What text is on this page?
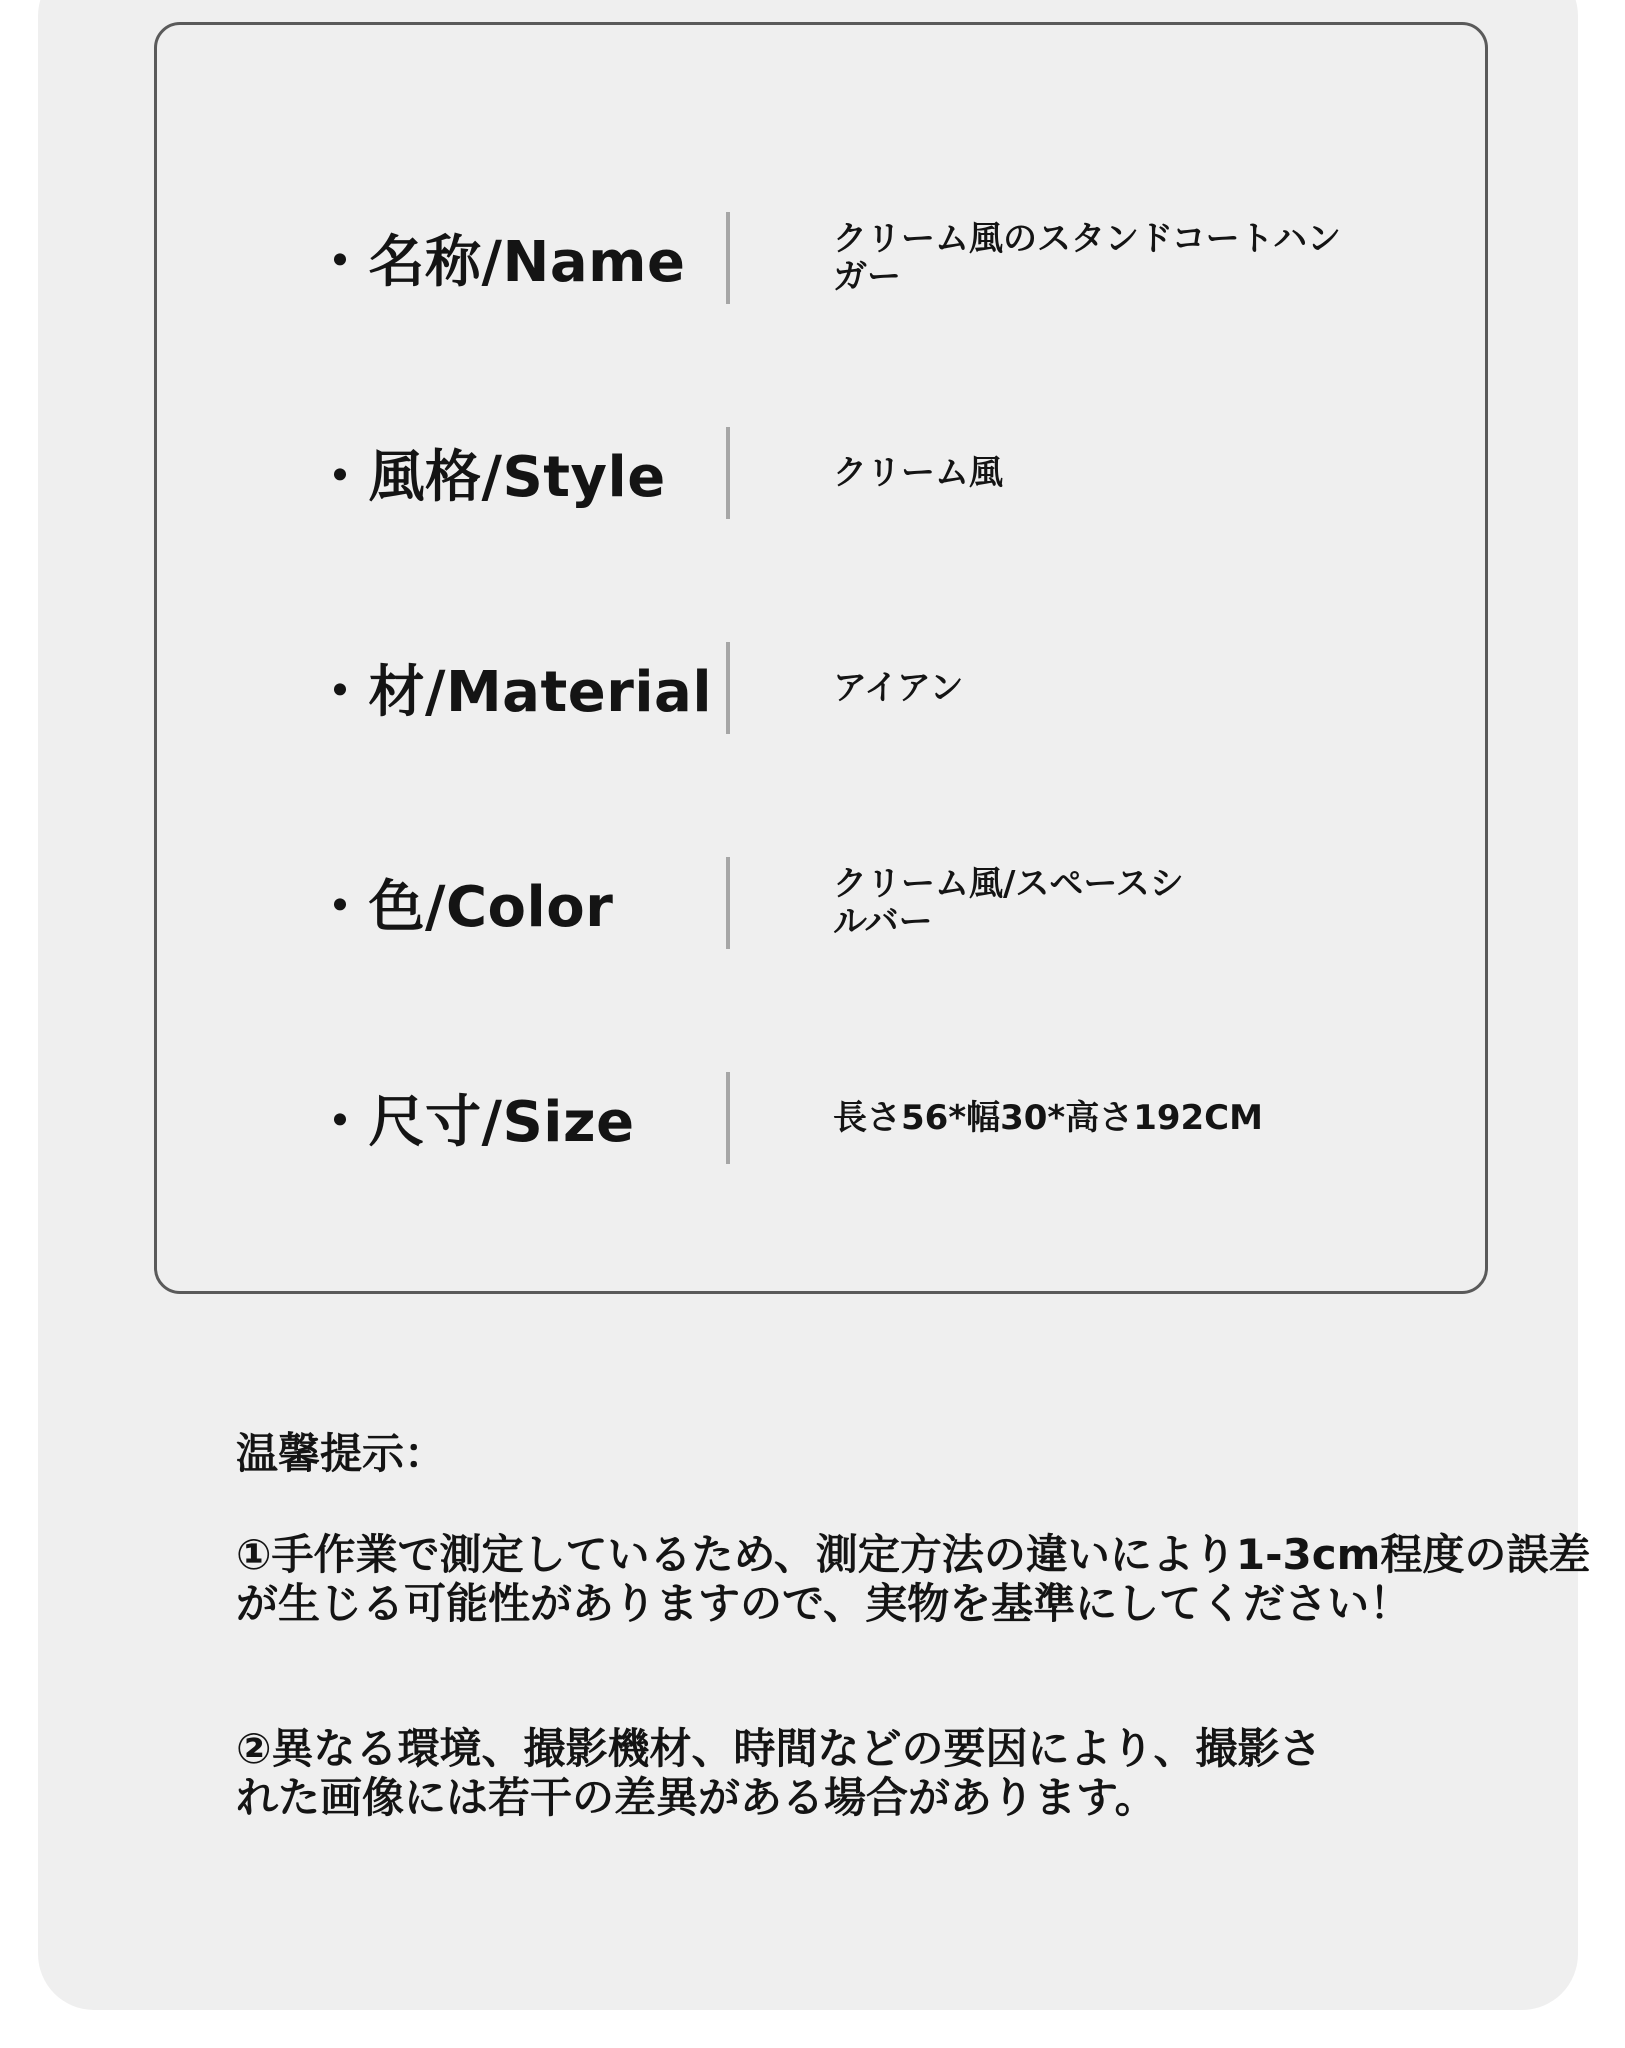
・名称/Name	クリーム風のスタンドコートハンガー
・風格/Style	クリーム風
・材/Material	アイアン
・色/Color	クリーム風/スペースシルバー
・尺寸/Size	長さ56*幅30*高さ192CM

温馨提示：

①手作業で測定しているため、測定方法の違いにより1-3cm程度の誤差が生じる可能性がありますので、実物を基準にしてください！

②異なる環境、撮影機材、時間などの要因により、撮影された画像には若干の差異がある場合があります。
